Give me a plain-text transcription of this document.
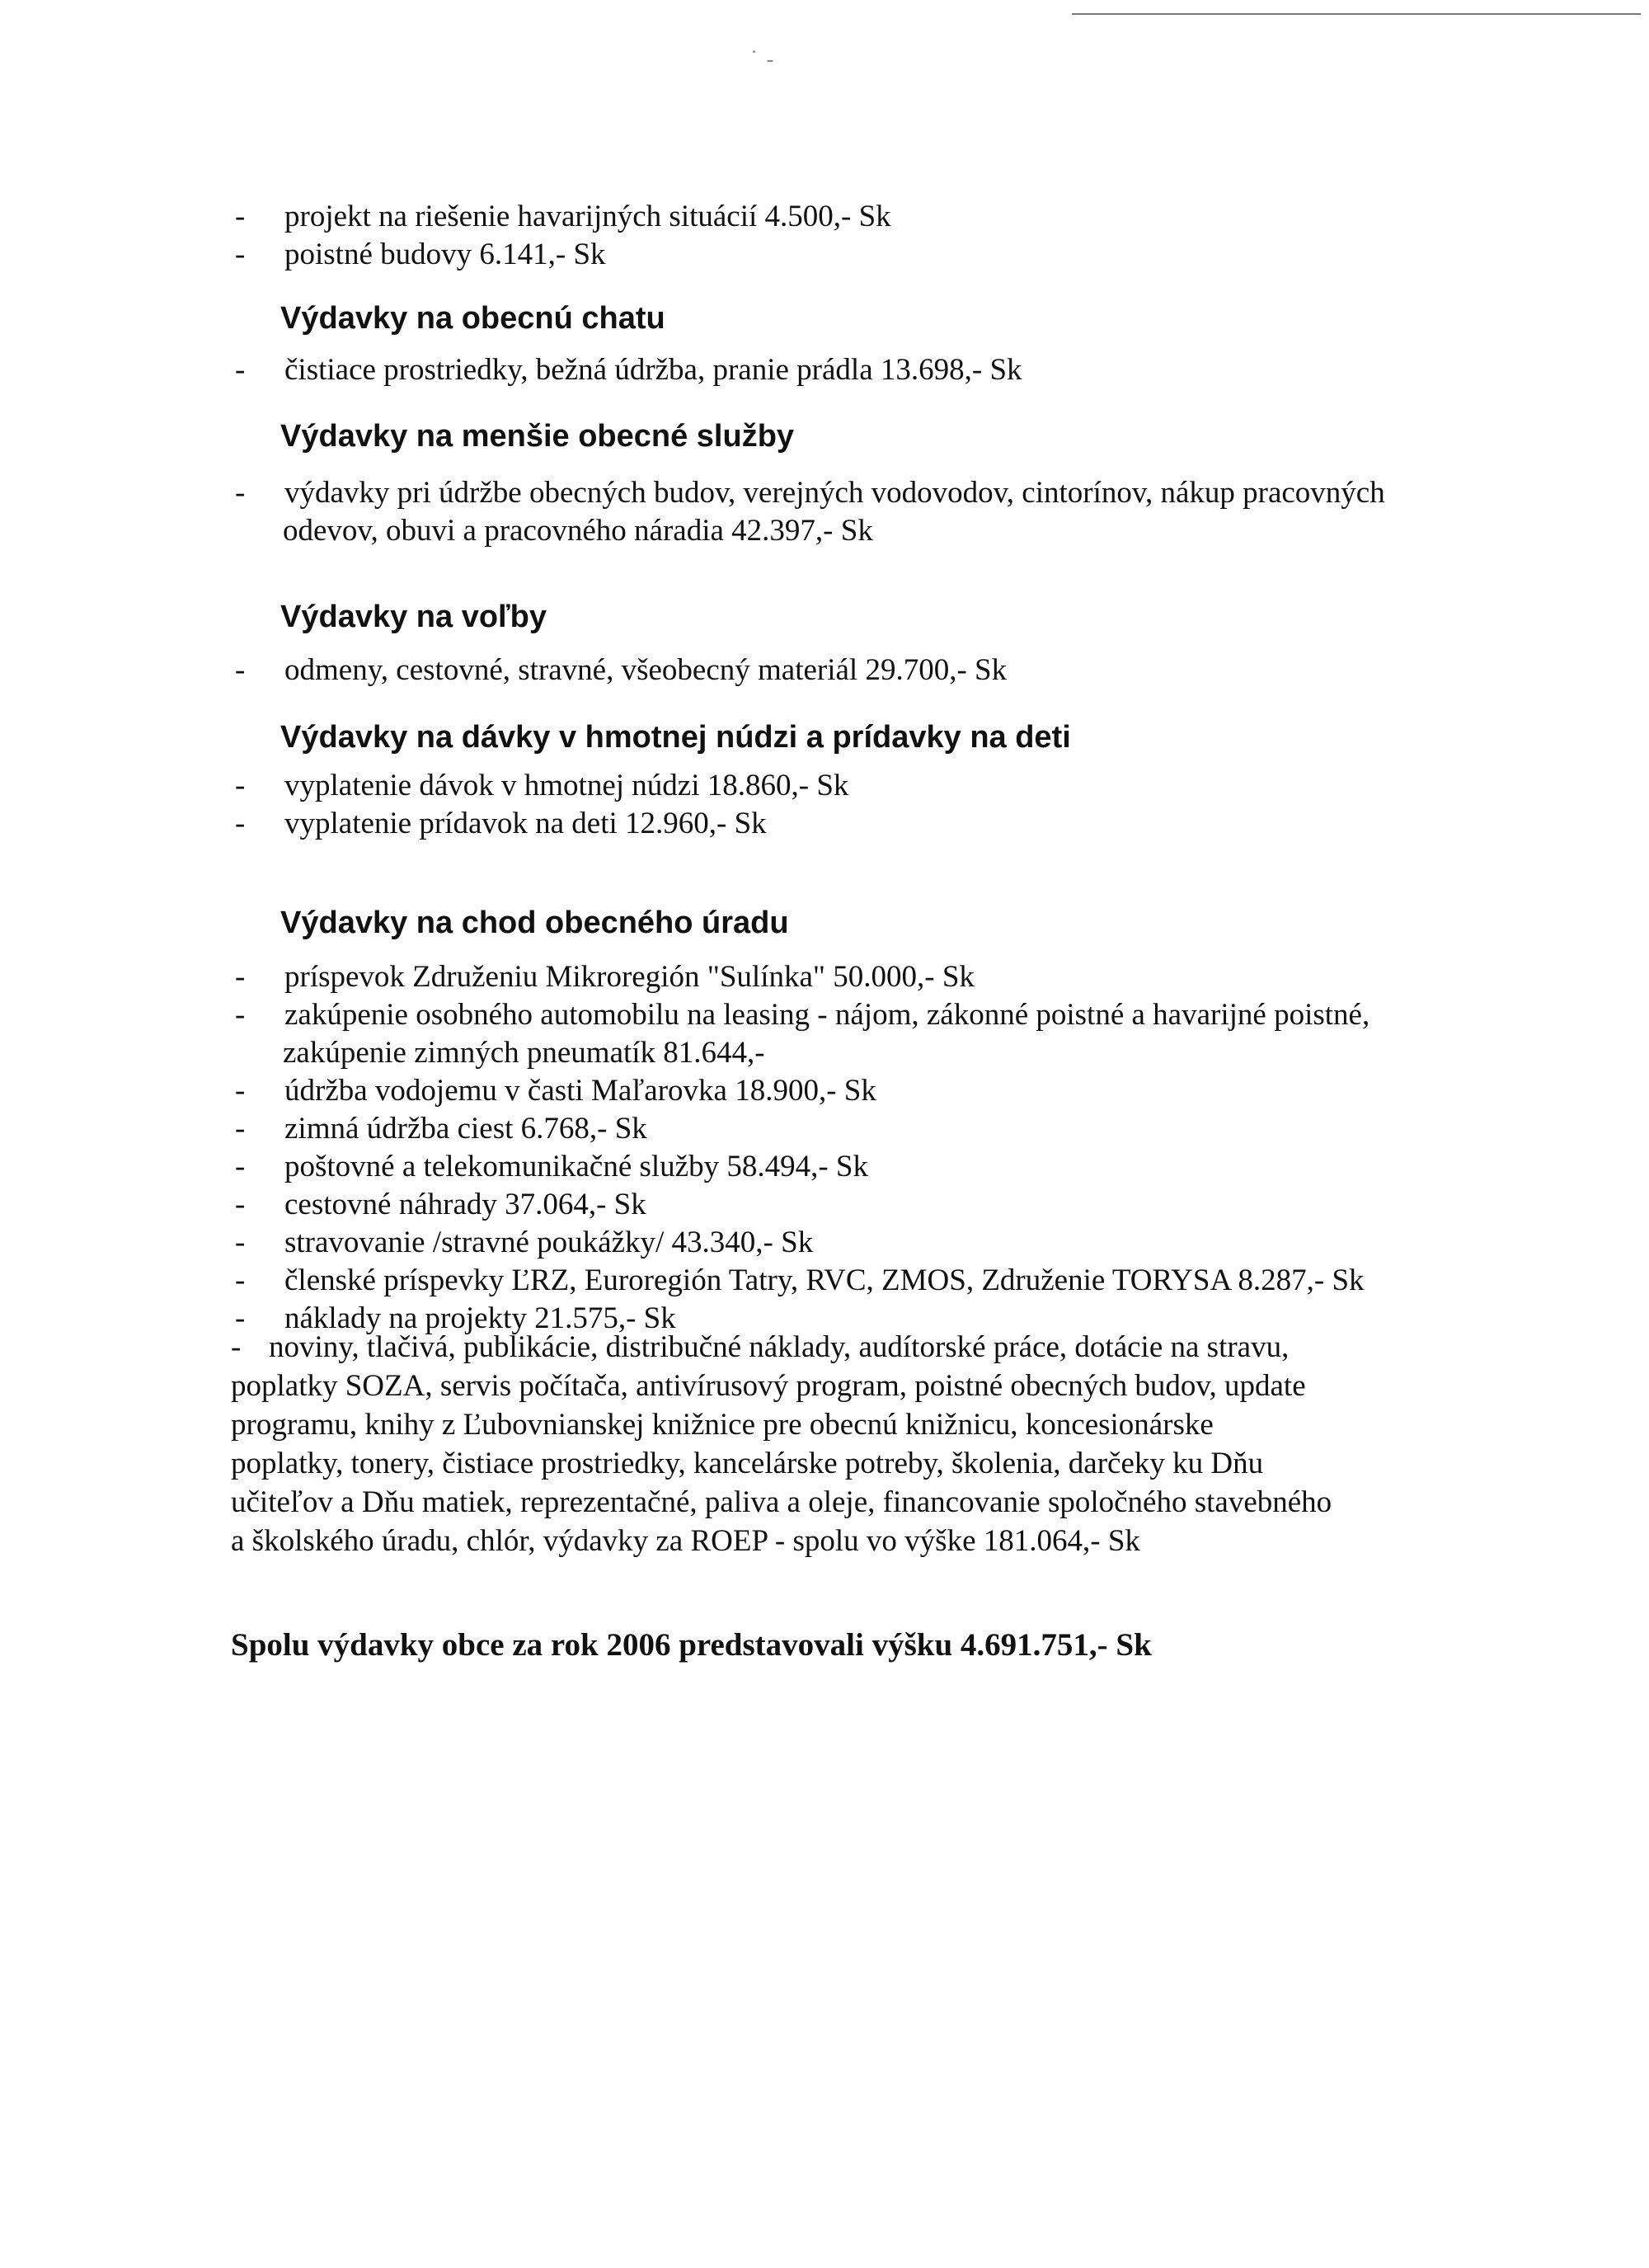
˙ -
- projekt na riešenie havarijných situácií 4.500,- Sk
- poistné budovy 6.141,- Sk
Výdavky na obecnú chatu
- čistiace prostriedky, bežná údržba, pranie prádla 13.698,- Sk
Výdavky na menšie obecné služby
- výdavky pri údržbe obecných budov, verejných vodovodov, cintorínov, nákup pracovných
odevov, obuvi a pracovného náradia 42.397,- Sk
Výdavky na voľby
- odmeny, cestovné, stravné, všeobecný materiál 29.700,- Sk
Výdavky na dávky v hmotnej núdzi a prídavky na deti
- vyplatenie dávok v hmotnej núdzi 18.860,- Sk
- vyplatenie prídavok na deti 12.960,- Sk
Výdavky na chod obecného úradu
- príspevok Združeniu Mikroregión "Sulínka" 50.000,- Sk
- zakúpenie osobného automobilu na leasing - nájom, zákonné poistné a havarijné poistné,
zakúpenie zimných pneumatík 81.644,-
- údržba vodojemu v časti Maľarovka 18.900,- Sk
- zimná údržba ciest 6.768,- Sk
- poštovné a telekomunikačné služby 58.494,- Sk
- cestovné náhrady 37.064,- Sk
- stravovanie /stravné poukážky/ 43.340,- Sk
- členské príspevky ĽRZ, Euroregión Tatry, RVC, ZMOS, Združenie TORYSA 8.287,- Sk
- náklady na projekty 21.575,- Sk
- noviny, tlačivá, publikácie, distribučné náklady, audítorské práce, dotácie na stravu,
poplatky SOZA, servis počítača, antivírusový program, poistné obecných budov, update
programu, knihy z Ľubovnianskej knižnice pre obecnú knižnicu, koncesionárske
poplatky, tonery, čistiace prostriedky, kancelárske potreby, školenia, darčeky ku Dňu
učiteľov a Dňu matiek, reprezentačné, paliva a oleje, financovanie spoločného stavebného
a školského úradu, chlór, výdavky za ROEP - spolu vo výške 181.064,- Sk
Spolu výdavky obce za rok 2006 predstavovali výšku 4.691.751,- Sk
